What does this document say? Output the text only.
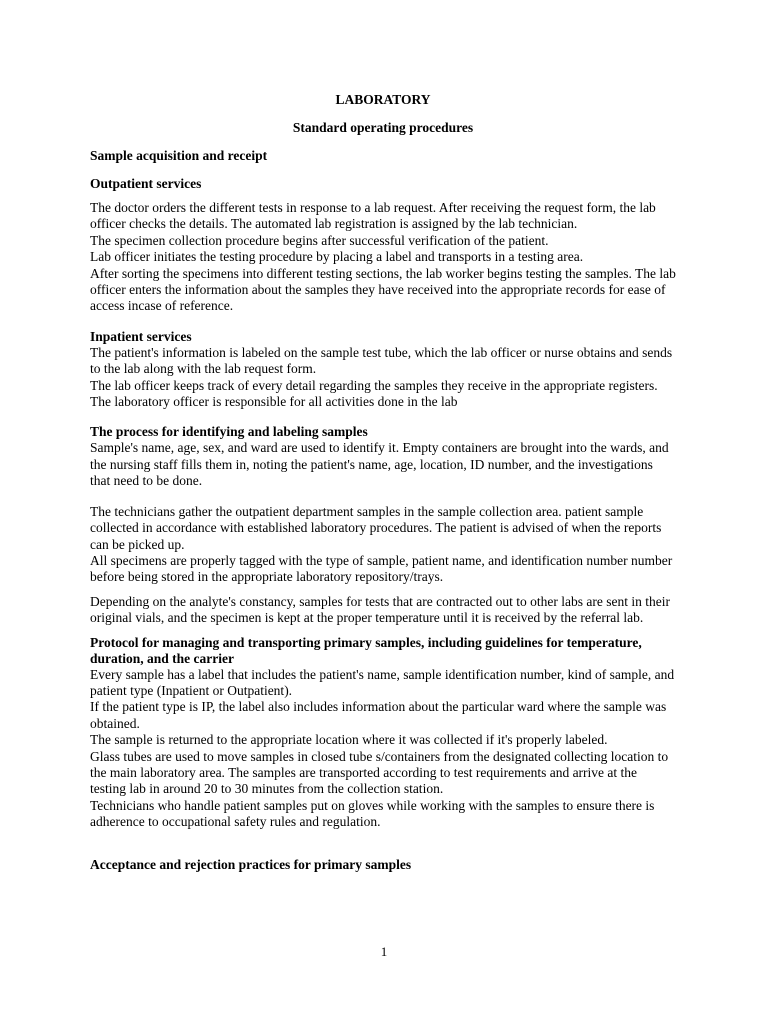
LABORATORY
Standard operating procedures
Sample acquisition and receipt
Outpatient services

The doctor orders the different tests in response to a lab request. After receiving the request form, the lab officer checks the details. The automated lab registration is assigned by the lab technician.

The specimen collection procedure begins after successful verification of the patient.

Lab officer initiates the testing procedure by placing a label and transports in a testing area.

After sorting the specimens into different testing sections, the lab worker begins testing the samples. The lab officer enters the information about the samples they have received into the appropriate records for ease of access incase of reference.

Inpatient services

The patient's information is labeled on the sample test tube, which the lab officer or nurse obtains and sends to the lab along with the lab request form.

The lab officer keeps track of every detail regarding the samples they receive in the appropriate registers.

The laboratory officer is responsible for all activities done in the lab

The process for identifying and labeling samples

Sample's name, age, sex, and ward are used to identify it. Empty containers are brought into the wards, and the nursing staff fills them in, noting the patient's name, age, location, ID number, and the investigations that need to be done.

The technicians gather the outpatient department samples in the sample collection area. patient sample collected in accordance with established laboratory procedures. The patient is advised of when the reports can be picked up.

All specimens are properly tagged with the type of sample, patient name, and identification number number before being stored in the appropriate laboratory repository/trays.

Depending on the analyte's constancy, samples for tests that are contracted out to other labs are sent in their original vials, and the specimen is kept at the proper temperature until it is received by the referral lab.

Protocol for managing and transporting primary samples, including guidelines for temperature, duration, and the carrier

Every sample has a label that includes the patient's name, sample identification number, kind of sample, and patient type (Inpatient or Outpatient).

If the patient type is IP, the label also includes information about the particular ward where the sample was obtained.

The sample is returned to the appropriate location where it was collected if it's properly labeled.

Glass tubes are used to move samples in closed tube s/containers from the designated collecting location to the main laboratory area. The samples are transported according to test requirements and arrive at the testing lab in around 20 to 30 minutes from the collection station.

Technicians who handle patient samples put on gloves while working with the samples to ensure there is adherence to occupational safety rules and regulation.

Acceptance and rejection practices for primary samples
1
